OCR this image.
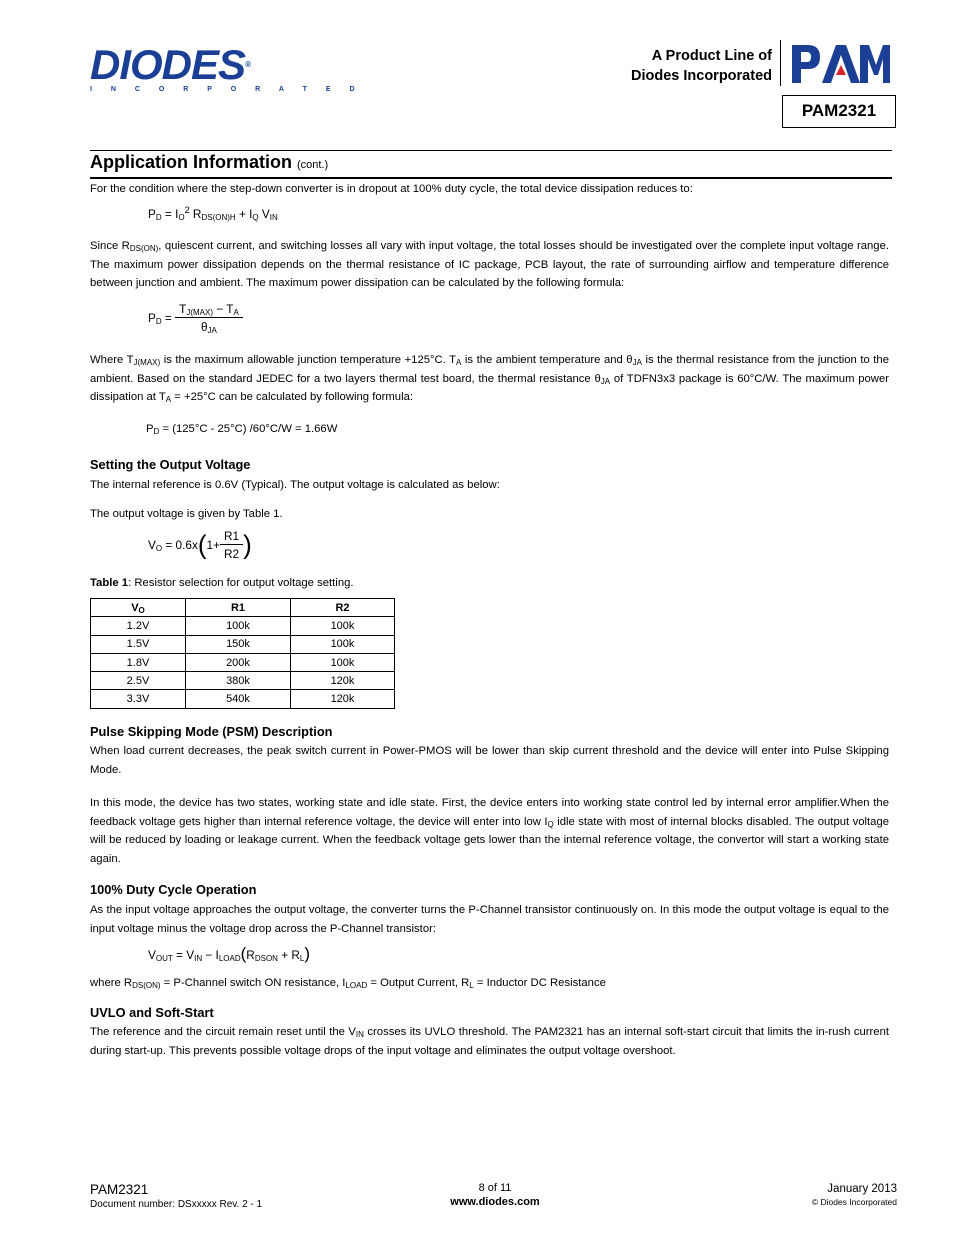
DIODES®
I N C O R P O R A T E D
A Product Line of
Diodes Incorporated
PAM2321
Application Information (cont.)
For the condition where the step-down converter is in dropout at 100% duty cycle, the total device dissipation reduces to:
$P_D = I_O^2$ $R_{DS(ON)H} + I_Q$ $V_{IN}$
Since $R_{DS(ON)}$, quiescent current, and switching losses all vary with input voltage, the total losses should be investigated over the complete input voltage range. The maximum power dissipation depends on the thermal resistance of IC package, PCB layout, the rate of surrounding airflow and temperature difference between junction and ambient. The maximum power dissipation can be calculated by the following formula:
$P_D = \frac{T_{J(MAX)} - T_A}{\theta_{JA}}$
Where $T_{J(MAX)}$ is the maximum allowable junction temperature +125°C. $T_A$ is the ambient temperature and $\theta_{JA}$ is the thermal resistance from the junction to the ambient. Based on the standard JEDEC for a two layers thermal test board, the thermal resistance $\theta_{JA}$ of TDFN3x3 package is 60°C/W. The maximum power dissipation at $T_A = +25^\circ C$ can be calculated by following formula:
$P_D = (125^\circ C - 25^\circ C) /60^\circ C/W = 1.66W$
Setting the Output Voltage
The internal reference is 0.6V (Typical). The output voltage is calculated as below:
The output voltage is given by Table 1.
$V_O = 0.6x(1+ \frac{R1}{R2}$ )
Table 1: Resistor selection for output voltage setting.
$V_O$	R1	R2
1.2V	100k	100k
1.5V	150k	100k
1.8V	200k	100k
2.5V	380k	120k
3.3V	540k	120k
Pulse Skipping Mode (PSM) Description
When load current decreases, the peak switch current in Power-PMOS will be lower than skip current threshold and the device will enter into Pulse Skipping Mode.
In this mode, the device has two states, working state and idle state. First, the device enters into working state control led by internal error amplifier.When the feedback voltage gets higher than internal reference voltage, the device will enter into low $I_Q$ idle state with most of internal blocks disabled. The output voltage will be reduced by loading or leakage current. When the feedback voltage gets lower than the internal reference voltage, the convertor will start a working state again.
100% Duty Cycle Operation
As the input voltage approaches the output voltage, the converter turns the P-Channel transistor continuously on. In this mode the output voltage is equal to the input voltage minus the voltage drop across the P-Channel transistor:
$V_{OUT} = V_{IN} - I_{LOAD}(R_{DSON} + R_L)$
where $R_{DS(ON)}$ = P-Channel switch ON resistance, $I_{LOAD}$ = Output Current, $R_L$ = Inductor DC Resistance
UVLO and Soft-Start
The reference and the circuit remain reset until the $V_{IN}$ crosses its UVLO threshold. The PAM2321 has an internal soft-start circuit that limits the in-rush current during start-up. This prevents possible voltage drops of the input voltage and eliminates the output voltage overshoot.
PAM2321
Document number: DSxxxxx Rev. 2 - 1
8 of 11
www.diodes.com
January 2013
© Diodes Incorporated
